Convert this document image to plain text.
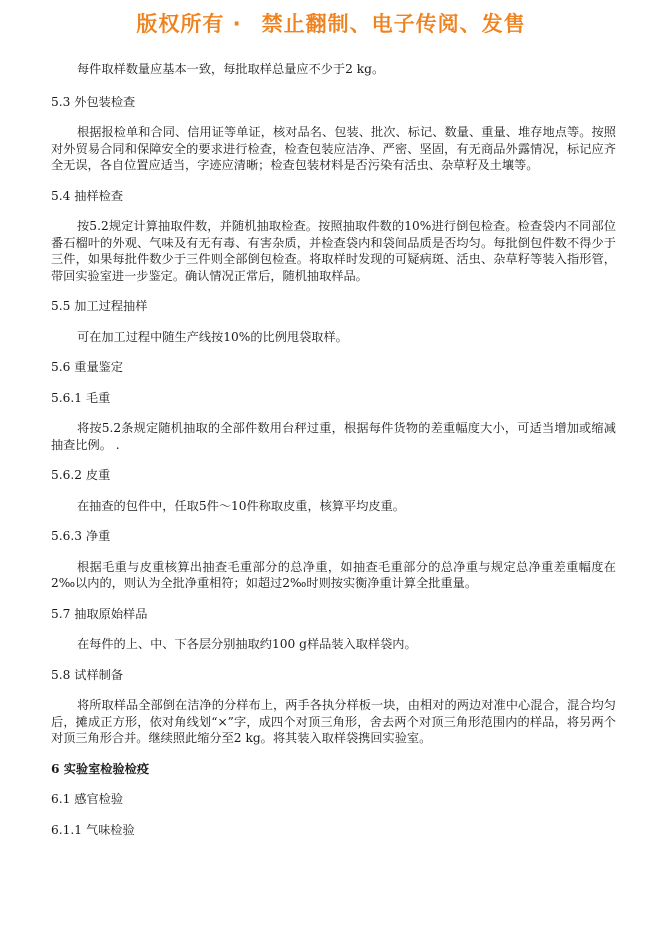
版权所有 · 禁止翻制、电子传阅、发售

每件取样数量应基本一致，每批取样总量应不少于2 kg。

5.3 外包装检查

根据报检单和合同、信用证等单证，核对品名、包装、批次、标记、数量、重量、堆存地点等。按照对外贸易合同和保障安全的要求进行检查，检查包装应洁净、严密、坚固，有无商品外露情况，标记应齐全无误，各自位置应适当，字迹应清晰；检查包装材料是否污染有活虫、杂草籽及土壤等。

5.4 抽样检查

按5.2规定计算抽取件数，并随机抽取检查。按照抽取件数的10%进行倒包检查。检查袋内不同部位番石榴叶的外观、气味及有无有毒、有害杂质，并检查袋内和袋间品质是否均匀。每批倒包件数不得少于三件，如果每批件数少于三件则全部倒包检查。将取样时发现的可疑病斑、活虫、杂草籽等装入指形管，带回实验室进一步鉴定。确认情况正常后，随机抽取样品。

5.5 加工过程抽样

可在加工过程中随生产线按10%的比例甩袋取样。

5.6 重量鉴定

5.6.1 毛重

将按5.2条规定随机抽取的全部件数用台秤过重，根据每件货物的差重幅度大小，可适当增加或缩减抽查比例。 .

5.6.2 皮重

在抽查的包件中，任取5件～10件称取皮重，核算平均皮重。

5.6.3 净重

根据毛重与皮重核算出抽查毛重部分的总净重，如抽查毛重部分的总净重与规定总净重差重幅度在2‰以内的，则认为全批净重相符；如超过2‰时则按实衡净重计算全批重量。

5.7 抽取原始样品

在每件的上、中、下各层分别抽取约100 g样品装入取样袋内。

5.8 试样制备

将所取样品全部倒在洁净的分样布上，两手各执分样板一块，由相对的两边对准中心混合，混合均匀后，摊成正方形，依对角线划“×”字，成四个对顶三角形，舍去两个对顶三角形范围内的样品，将另两个对顶三角形合并。继续照此缩分至2 kg。将其装入取样袋携回实验室。

6 实验室检验检疫

6.1 感官检验

6.1.1 气味检验
